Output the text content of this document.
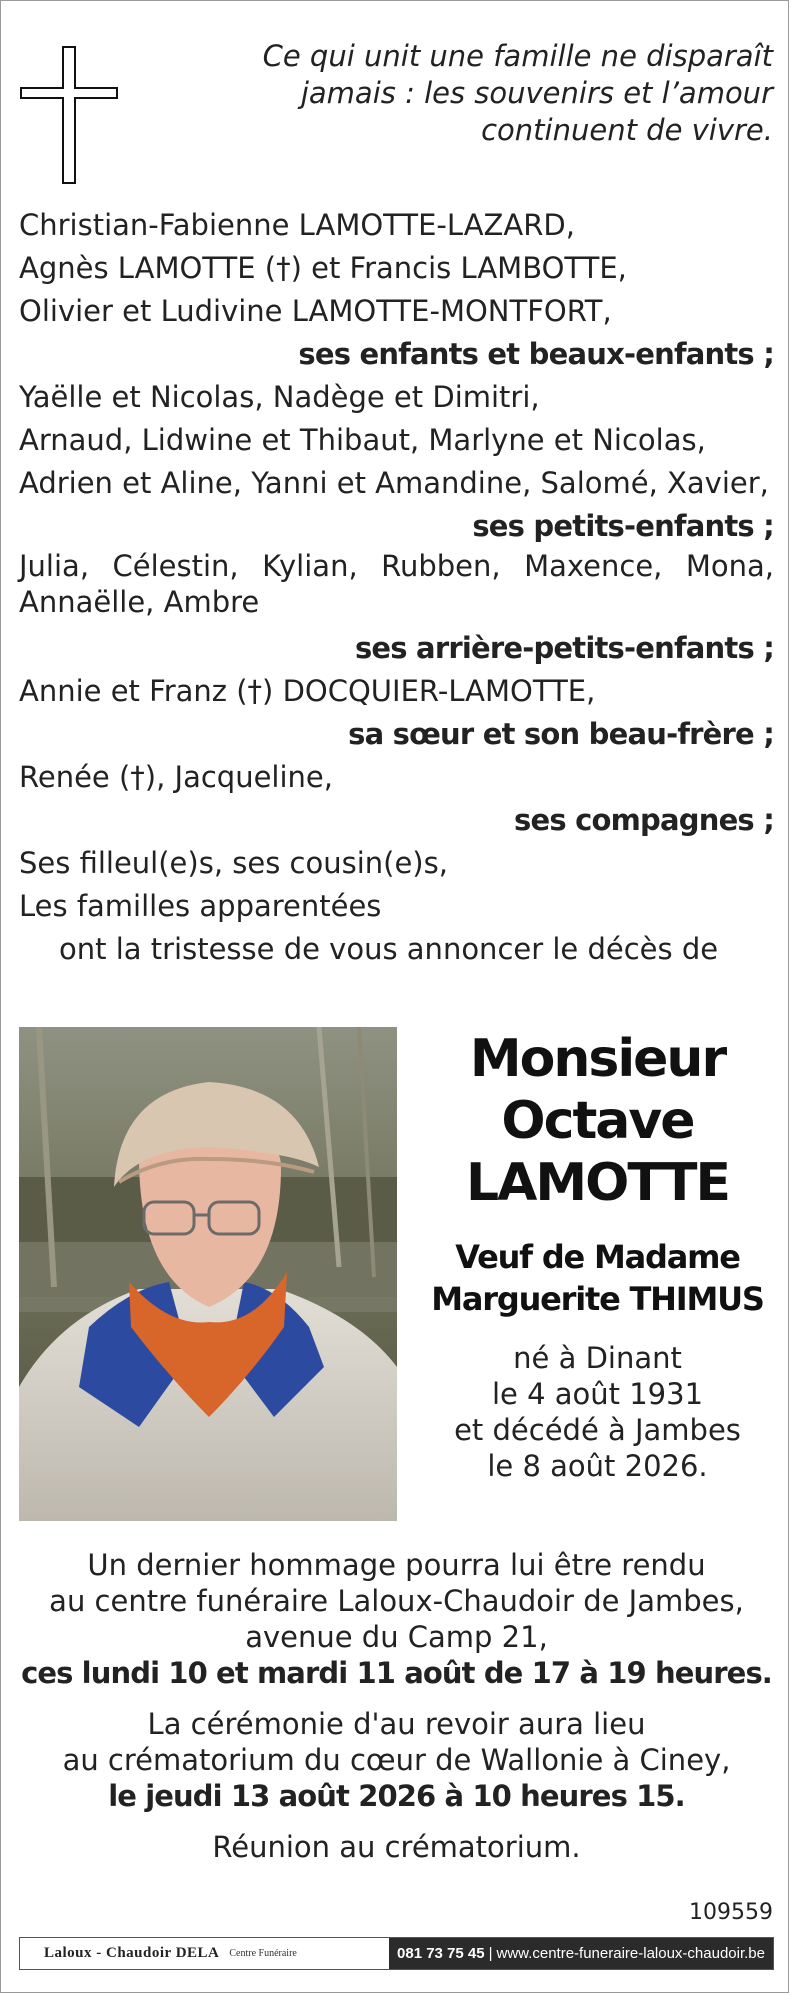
Ce qui unit une famille ne disparaît
jamais : les souvenirs et l’amour
continuent de vivre.
Christian-Fabienne LAMOTTE-LAZARD,
Agnès LAMOTTE (†) et Francis LAMBOTTE,
Olivier et Ludivine LAMOTTE-MONTFORT,
ses enfants et beaux-enfants ;
Yaëlle et Nicolas, Nadège et Dimitri,
Arnaud, Lidwine et Thibaut, Marlyne et Nicolas,
Adrien et Aline, Yanni et Amandine, Salomé, Xavier,
ses petits-enfants ;
Julia, Célestin, Kylian, Rubben, Maxence, Mona,
Annaëlle, Ambre
ses arrière-petits-enfants ;
Annie et Franz (†) DOCQUIER-LAMOTTE,
sa sœur et son beau-frère ;
Renée (†), Jacqueline,
ses compagnes ;
Ses filleul(e)s, ses cousin(e)s,
Les familles apparentées
ont la tristesse de vous annoncer le décès de
Monsieur
Octave
LAMOTTE
Veuf de Madame
Marguerite THIMUS
né à Dinant
le 4 août 1931
et décédé à Jambes
le 8 août 2026.
Un dernier hommage pourra lui être rendu
au centre funéraire Laloux-Chaudoir de Jambes,
avenue du Camp 21,
ces lundi 10 et mardi 11 août de 17 à 19 heures.
La cérémonie d'au revoir aura lieu
au crématorium du cœur de Wallonie à Ciney,
le jeudi 13 août 2026 à 10 heures 15.
Réunion au crématorium.
109559
Laloux - Chaudoir DELA Centre Funéraire	081 73 75 45 | www.centre-funeraire-laloux-chaudoir.be
